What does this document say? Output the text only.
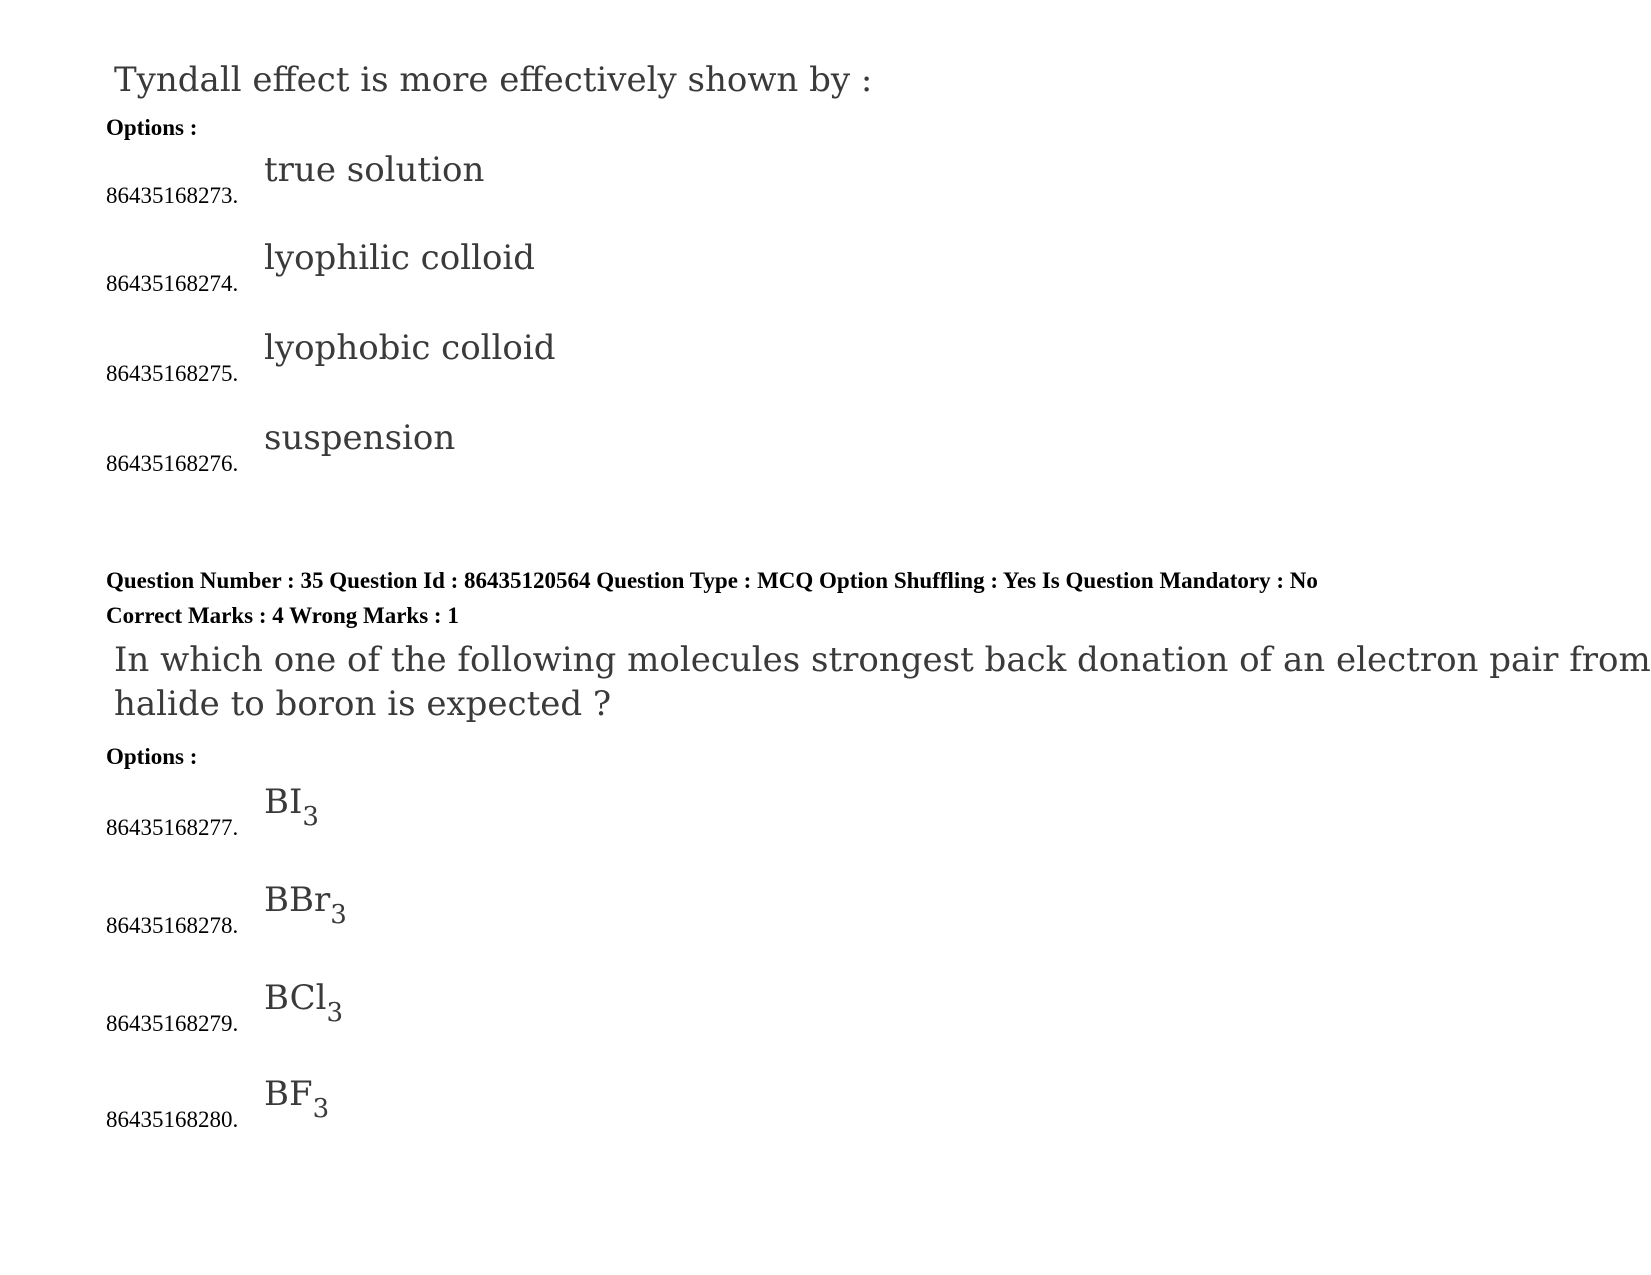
Tyndall effect is more effectively shown by :

Options :

86435168273.
true solution
86435168274.
lyophilic colloid
86435168275.
lyophobic colloid
86435168276.
suspension

Question Number : 35 Question Id : 86435120564 Question Type : MCQ Option Shuffling : Yes Is Question Mandatory : No

Correct Marks : 4 Wrong Marks : 1

In which one of the following molecules strongest back donation of an electron pair from

halide to boron is expected ?

Options :

86435168277.
$BI_3$
86435168278.
BBr$_3$
86435168279.
BCl$_3$
86435168280.
$BF_3$
